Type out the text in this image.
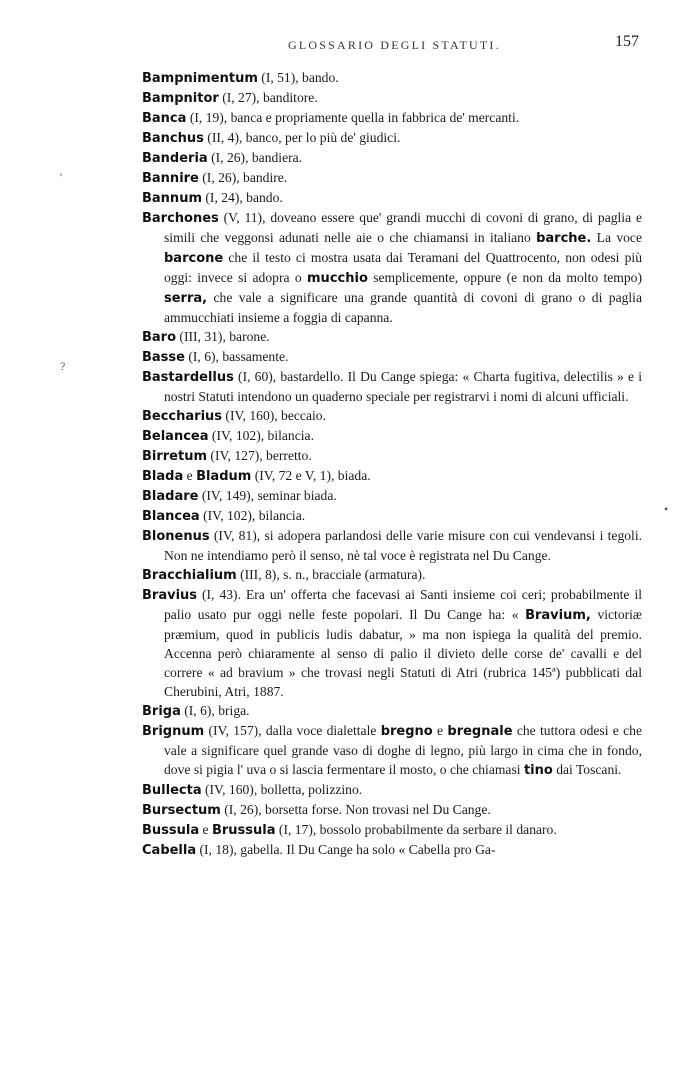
GLOSSARIO DEGLI STATUTI.	157
'
?
•

Bampnimentum (I, 51), bando.

Bampnitor (I, 27), banditore.

Banca (I, 19), banca e propriamente quella in fabbrica de' mercanti.

Banchus (II, 4), banco, per lo più de' giudici.

Banderia (I, 26), bandiera.

Bannire (I, 26), bandire.

Bannum (I, 24), bando.

Barchones (V, 11), doveano essere que' grandi mucchi di covoni di grano, di paglia e simili che veggonsi adunati nelle aie o che chiamansi in italiano barche. La voce barcone che il testo ci mostra usata dai Teramani del Quattrocento, non odesi più oggi: invece si adopra o mucchio semplicemente, oppure (e non da molto tempo) serra, che vale a significare una grande quantità di covoni di grano o di paglia ammucchiati insieme a foggia di capanna.

Baro (III, 31), barone.

Basse (I, 6), bassamente.

Bastardellus (I, 60), bastardello. Il Du Cange spiega: « Charta fugitiva, delectilis » e i nostri Statuti intendono un quaderno speciale per registrarvi i nomi di alcuni ufficiali.

Beccharius (IV, 160), beccaio.

Belancea (IV, 102), bilancia.

Birretum (IV, 127), berretto.

Blada e Bladum (IV, 72 e V, 1), biada.

Bladare (IV, 149), seminar biada.

Blancea (IV, 102), bilancia.

Blonenus (IV, 81), si adopera parlandosi delle varie misure con cui vendevansi i tegoli. Non ne intendiamo però il senso, nè tal voce è registrata nel Du Cange.

Bracchialium (III, 8), s. n., bracciale (armatura).

Bravius (I, 43). Era un' offerta che facevasi ai Santi insieme coi ceri; probabilmente il palio usato pur oggi nelle feste popolari. Il Du Cange ha: « Bravium, victoriæ præmium, quod in publicis ludis dabatur, » ma non ispiega la qualità del premio. Accenna però chiaramente al senso di palio il divieto delle corse de' cavalli e del correre « ad bravium » che trovasi negli Statuti di Atri (rubrica 145ª) pubblicati dal Cherubini, Atri, 1887.

Briga (I, 6), briga.

Brignum (IV, 157), dalla voce dialettale bregno e bregnale che tuttora odesi e che vale a significare quel grande vaso di doghe di legno, più largo in cima che in fondo, dove si pigia l' uva o si lascia fermentare il mosto, o che chiamasi tino dai Toscani.

Bullecta (IV, 160), bolletta, polizzino.

Bursectum (I, 26), borsetta forse. Non trovasi nel Du Cange.

Bussula e Brussula (I, 17), bossolo probabilmente da serbare il danaro.

Cabella (I, 18), gabella. Il Du Cange ha solo « Cabella pro Ga-
